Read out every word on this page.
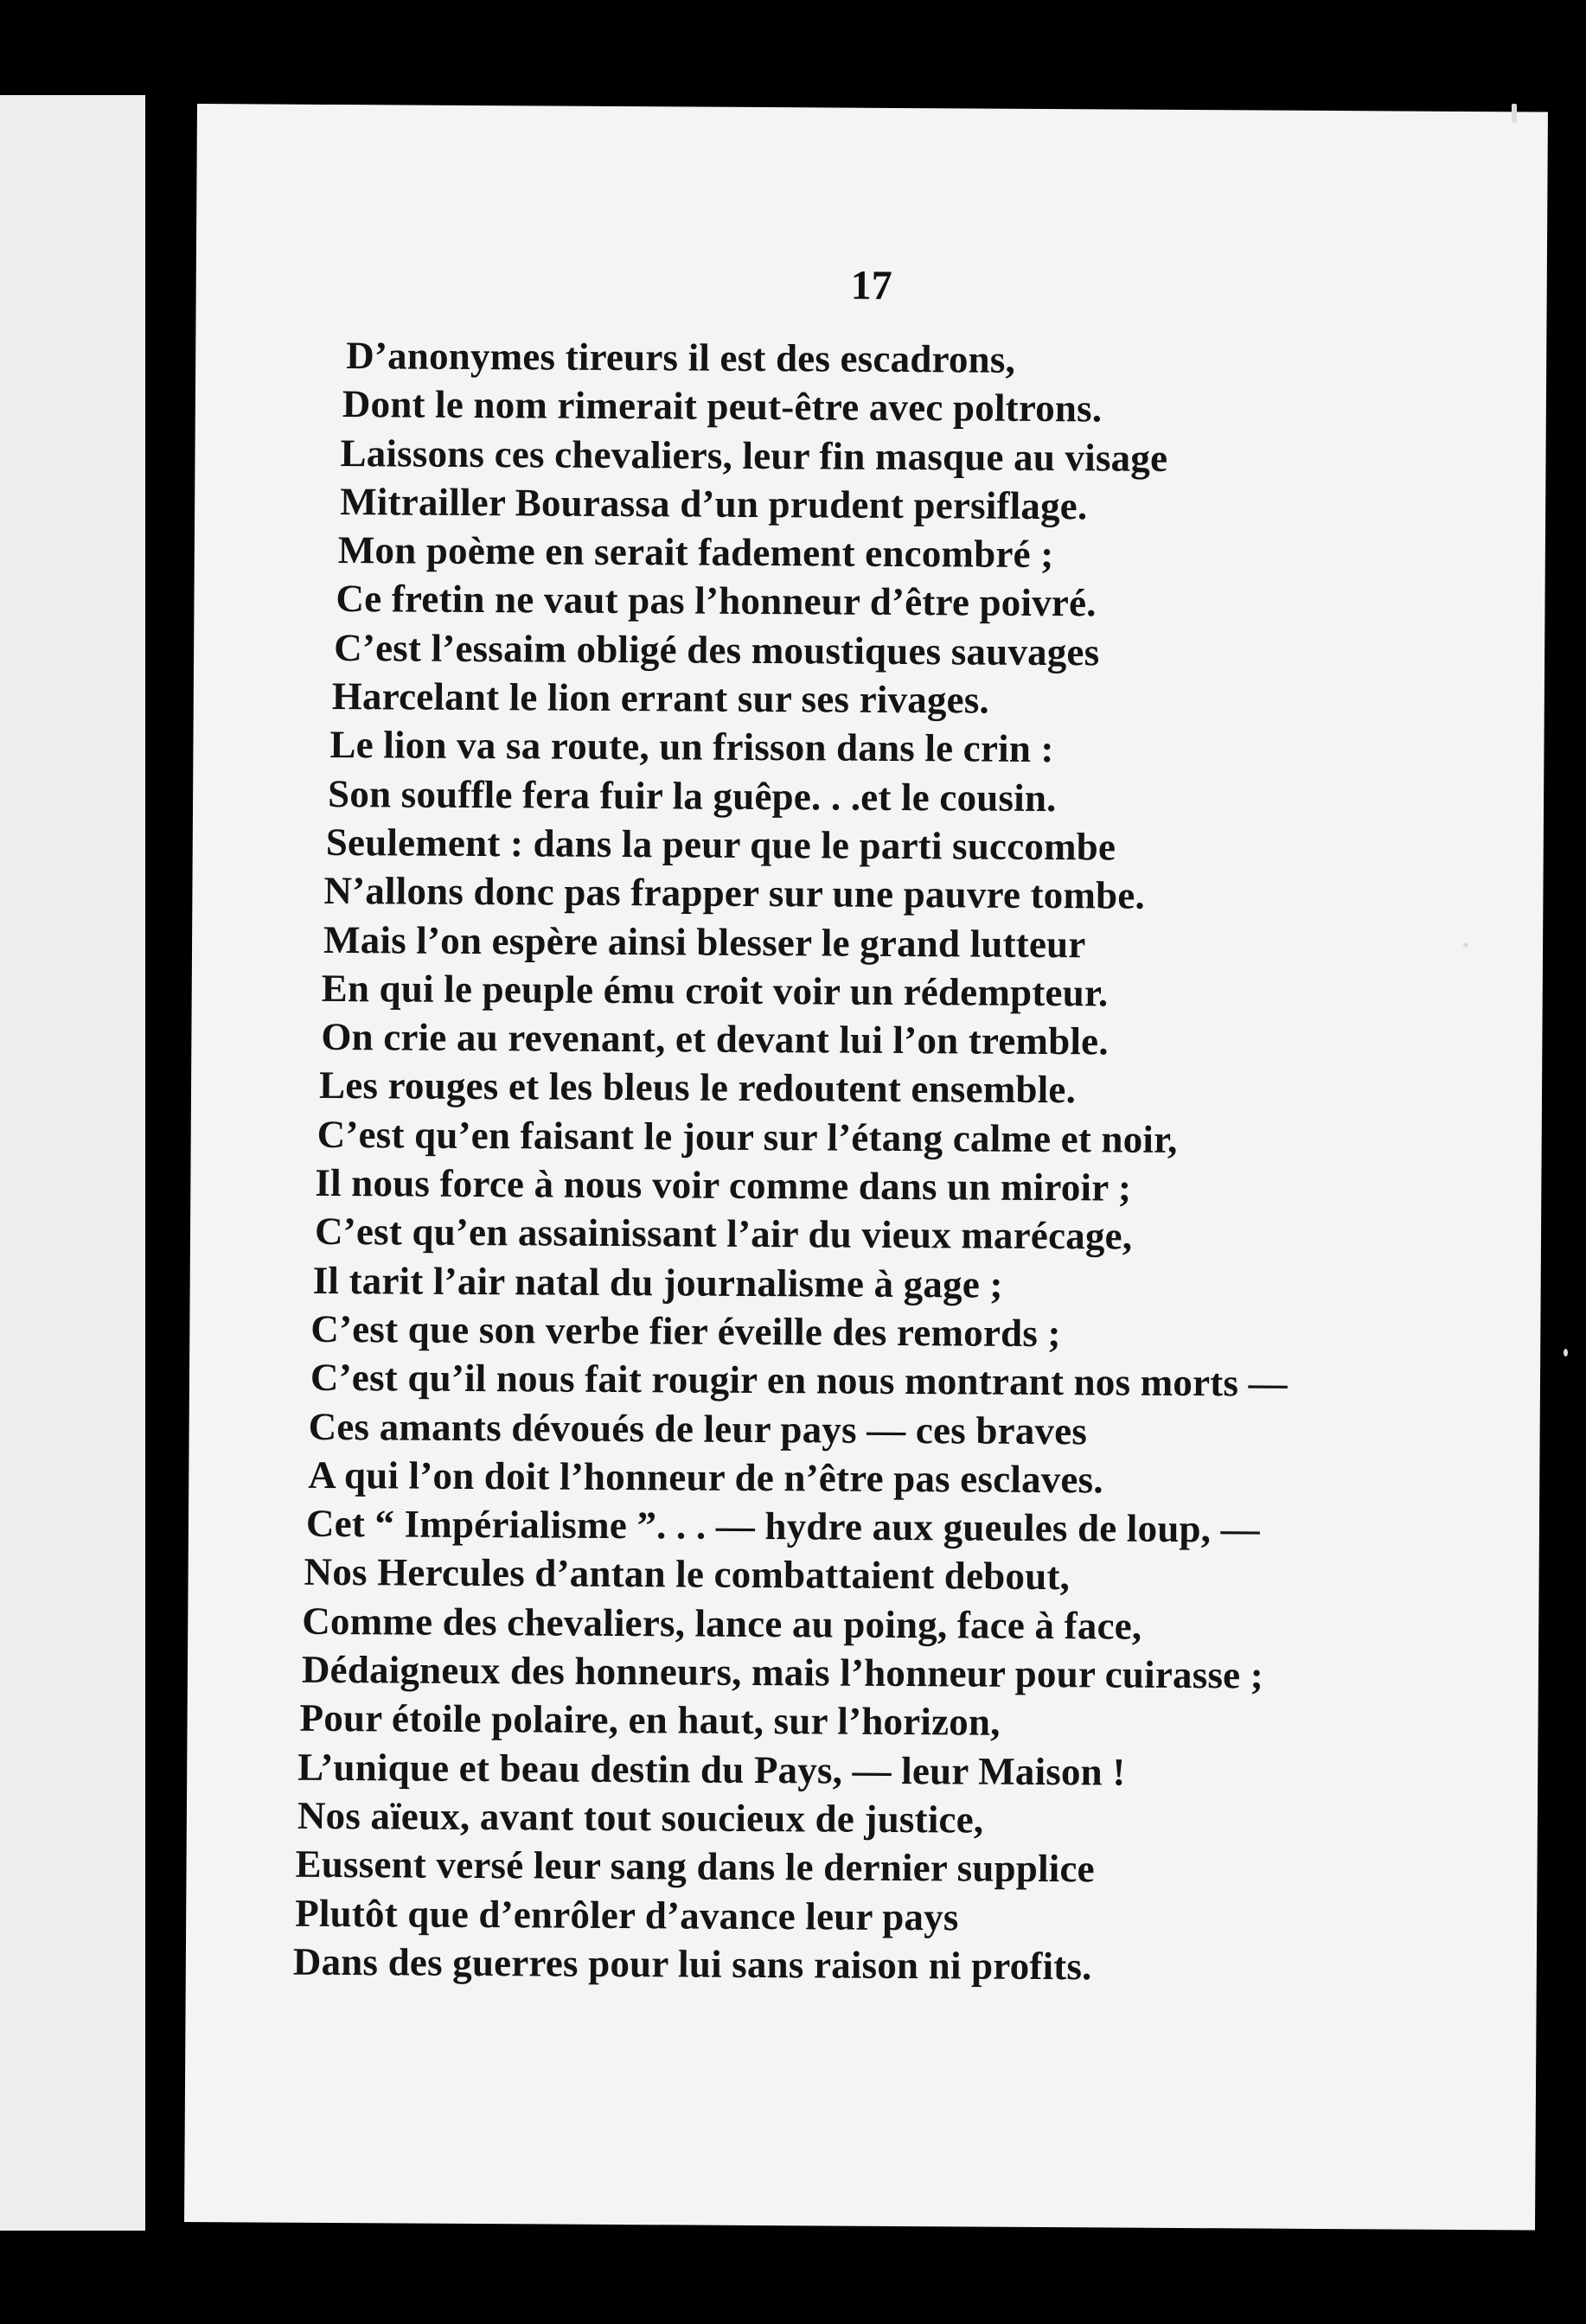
17
D’anonymes tireurs il est des escadrons,
Dont le nom rimerait peut-être avec poltrons.
Laissons ces chevaliers, leur fin masque au visage
Mitrailler Bourassa d’un prudent persiflage.
Mon poème en serait fadement encombré ;
Ce fretin ne vaut pas l’honneur d’être poivré.
C’est l’essaim obligé des moustiques sauvages
Harcelant le lion errant sur ses rivages.
Le lion va sa route, un frisson dans le crin :
Son souffle fera fuir la guêpe. . .et le cousin.
Seulement : dans la peur que le parti succombe
N’allons donc pas frapper sur une pauvre tombe.
Mais l’on espère ainsi blesser le grand lutteur
En qui le peuple ému croit voir un rédempteur.
On crie au revenant, et devant lui l’on tremble.
Les rouges et les bleus le redoutent ensemble.
C’est qu’en faisant le jour sur l’étang calme et noir,
Il nous force à nous voir comme dans un miroir ;
C’est qu’en assainissant l’air du vieux marécage,
Il tarit l’air natal du journalisme à gage ;
C’est que son verbe fier éveille des remords ;
C’est qu’il nous fait rougir en nous montrant nos morts —
Ces amants dévoués de leur pays — ces braves
A qui l’on doit l’honneur de n’être pas esclaves.
Cet “ Impérialisme ”. . . — hydre aux gueules de loup, —
Nos Hercules d’antan le combattaient debout,
Comme des chevaliers, lance au poing, face à face,
Dédaigneux des honneurs, mais l’honneur pour cuirasse ;
Pour étoile polaire, en haut, sur l’horizon,
L’unique et beau destin du Pays, — leur Maison !
Nos aïeux, avant tout soucieux de justice,
Eussent versé leur sang dans le dernier supplice
Plutôt que d’enrôler d’avance leur pays
Dans des guerres pour lui sans raison ni profits.
